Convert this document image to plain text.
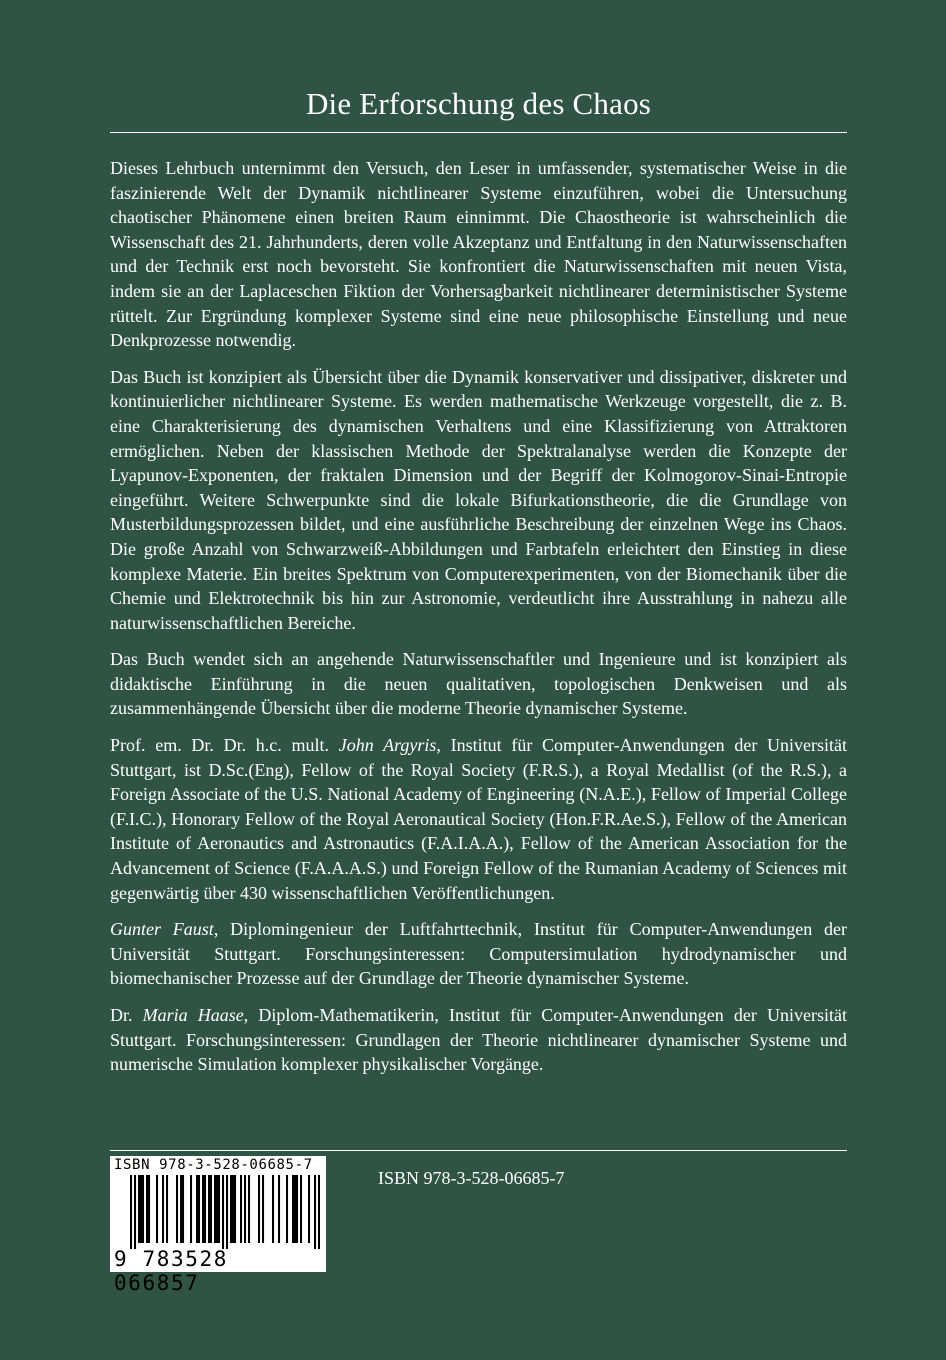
Die Erforschung des Chaos

Dieses Lehrbuch unternimmt den Versuch, den Leser in umfassender, systematischer Weise in die faszinierende Welt der Dynamik nichtlinearer Systeme einzuführen, wobei die Untersuchung chaotischer Phänomene einen breiten Raum einnimmt. Die Chaostheorie ist wahrscheinlich die Wissenschaft des 21. Jahrhunderts, deren volle Akzeptanz und Entfaltung in den Naturwissenschaften und der Technik erst noch bevorsteht. Sie konfrontiert die Naturwissenschaften mit neuen Vista, indem sie an der Laplaceschen Fiktion der Vorhersagbarkeit nichtlinearer deterministischer Systeme rüttelt. Zur Ergründung komplexer Systeme sind eine neue philosophische Einstellung und neue Denkprozesse notwendig.

Das Buch ist konzipiert als Übersicht über die Dynamik konservativer und dissipativer, diskreter und kontinuierlicher nichtlinearer Systeme. Es werden mathematische Werkzeuge vorgestellt, die z. B. eine Charakterisierung des dynamischen Verhaltens und eine Klassifizierung von Attraktoren ermöglichen. Neben der klassischen Methode der Spektralanalyse werden die Konzepte der Lyapunov-Exponenten, der fraktalen Dimension und der Begriff der Kolmogorov-Sinai-Entropie eingeführt. Weitere Schwerpunkte sind die lokale Bifurkationstheorie, die die Grundlage von Musterbildungsprozessen bildet, und eine ausführliche Beschreibung der einzelnen Wege ins Chaos. Die große Anzahl von Schwarzweiß-Abbildungen und Farbtafeln erleichtert den Einstieg in diese komplexe Materie. Ein breites Spektrum von Computerexperimenten, von der Biomechanik über die Chemie und Elektrotechnik bis hin zur Astronomie, verdeutlicht ihre Ausstrahlung in nahezu alle naturwissenschaftlichen Bereiche.

Das Buch wendet sich an angehende Naturwissenschaftler und Ingenieure und ist konzipiert als didaktische Einführung in die neuen qualitativen, topologischen Denkweisen und als zusammenhängende Übersicht über die moderne Theorie dynamischer Systeme.

Prof. em. Dr. Dr. h.c. mult. John Argyris, Institut für Computer-Anwendungen der Universität Stuttgart, ist D.Sc.(Eng), Fellow of the Royal Society (F.R.S.), a Royal Medallist (of the R.S.), a Foreign Associate of the U.S. National Academy of Engineering (N.A.E.), Fellow of Imperial College (F.I.C.), Honorary Fellow of the Royal Aeronautical Society (Hon.F.R.Ae.S.), Fellow of the American Institute of Aeronautics and Astronautics (F.A.I.A.A.), Fellow of the American Association for the Advancement of Science (F.A.A.A.S.) und Foreign Fellow of the Rumanian Academy of Sciences mit gegenwärtig über 430 wissenschaftlichen Veröffentlichungen.

Gunter Faust, Diplomingenieur der Luftfahrttechnik, Institut für Computer-Anwendungen der Universität Stuttgart. Forschungsinteressen: Computersimulation hydrodynamischer und biomechanischer Prozesse auf der Grundlage der Theorie dynamischer Systeme.

Dr. Maria Haase, Diplom-Mathematikerin, Institut für Computer-Anwendungen der Universität Stuttgart. Forschungsinteressen: Grundlagen der Theorie nichtlinearer dynamischer Systeme und numerische Simulation komplexer physikalischer Vorgänge.

ISBN 978-3-528-06685-7
9 783528 066857
ISBN 978-3-528-06685-7
